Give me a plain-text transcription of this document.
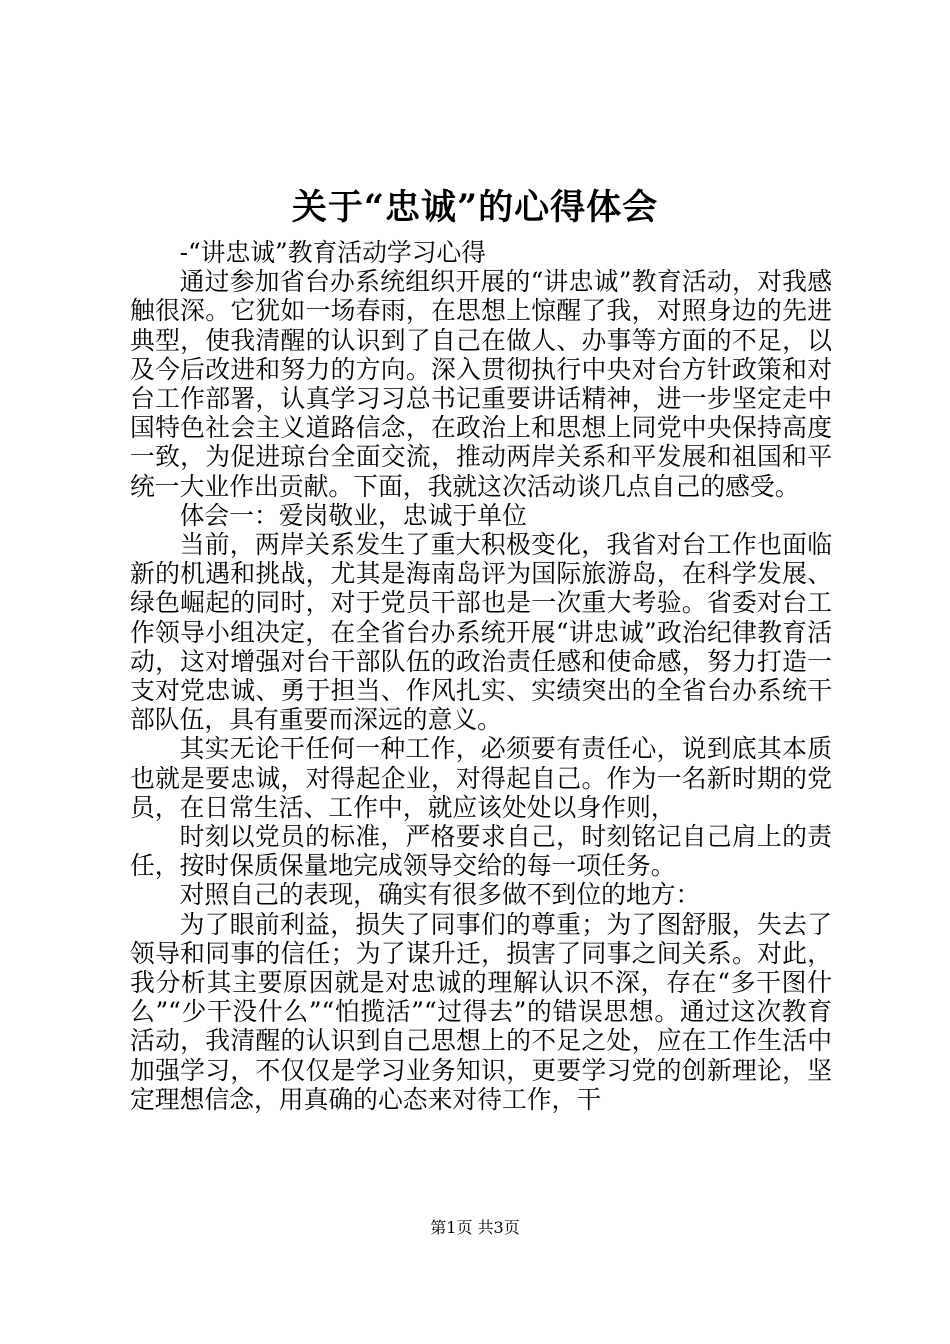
关于“忠诚”的心得体会

-“讲忠诚”教育活动学习心得

通过参加省台办系统组织开展的“讲忠诚”教育活动，对我感触很深。它犹如一场春雨，在思想上惊醒了我，对照身边的先进典型，使我清醒的认识到了自己在做人、办事等方面的不足，以及今后改进和努力的方向。深入贯彻执行中央对台方针政策和对台工作部署，认真学习习总书记重要讲话精神，进一步坚定走中国特色社会主义道路信念，在政治上和思想上同党中央保持高度一致，为促进琼台全面交流，推动两岸关系和平发展和祖国和平统一大业作出贡献。下面，我就这次活动谈几点自己的感受。

体会一：爱岗敬业，忠诚于单位

当前，两岸关系发生了重大积极变化，我省对台工作也面临新的机遇和挑战，尤其是海南岛评为国际旅游岛，在科学发展、绿色崛起的同时，对于党员干部也是一次重大考验。省委对台工作领导小组决定，在全省台办系统开展“讲忠诚”政治纪律教育活动，这对增强对台干部队伍的政治责任感和使命感，努力打造一支对党忠诚、勇于担当、作风扎实、实绩突出的全省台办系统干部队伍，具有重要而深远的意义。

其实无论干任何一种工作，必须要有责任心，说到底其本质也就是要忠诚，对得起企业，对得起自己。作为一名新时期的党员，在日常生活、工作中，就应该处处以身作则，

时刻以党员的标准，严格要求自己，时刻铭记自己肩上的责任，按时保质保量地完成领导交给的每一项任务。

对照自己的表现，确实有很多做不到位的地方：

为了眼前利益，损失了同事们的尊重；为了图舒服，失去了领导和同事的信任；为了谋升迁，损害了同事之间关系。对此，我分析其主要原因就是对忠诚的理解认识不深，存在“多干图什么”“少干没什么”“怕揽活”“过得去”的错误思想。通过这次教育活动，我清醒的认识到自己思想上的不足之处，应在工作生活中加强学习，不仅仅是学习业务知识，更要学习党的创新理论，坚定理想信念，用真确的心态来对待工作，干

第1页 共3页
